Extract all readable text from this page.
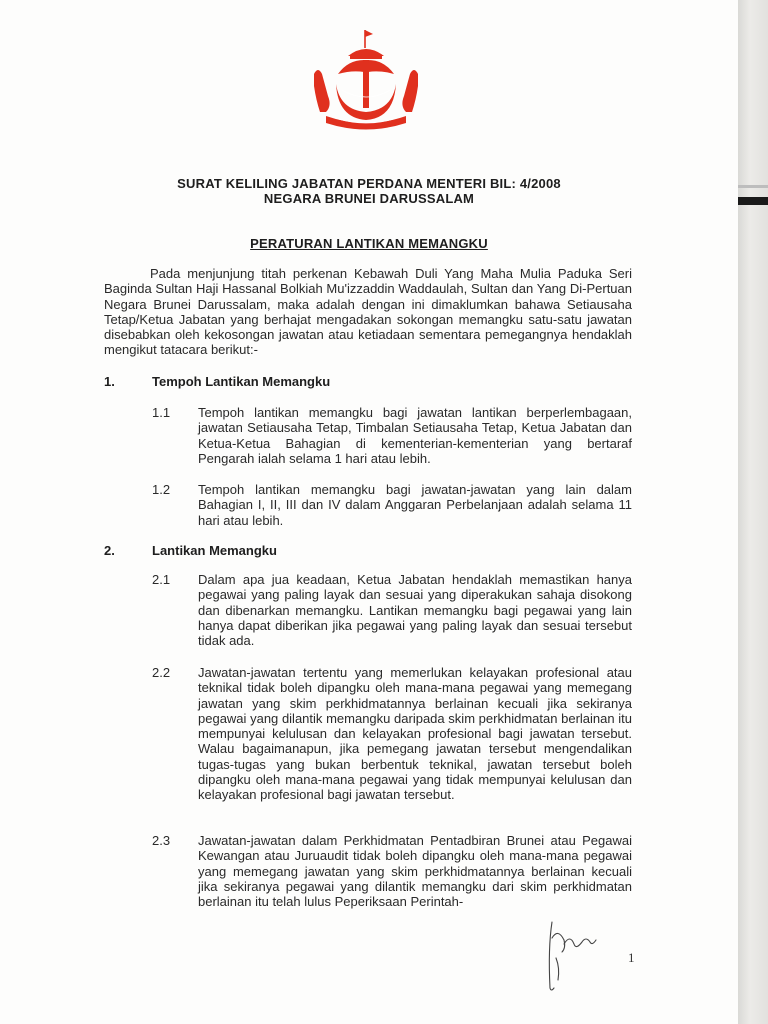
SURAT KELILING JABATAN PERDANA MENTERI BIL: 4/2008
NEGARA BRUNEI DARUSSALAM
PERATURAN LANTIKAN MEMANGKU
Pada menjunjung titah perkenan Kebawah Duli Yang Maha Mulia Paduka Seri Baginda Sultan Haji Hassanal Bolkiah Mu'izzaddin Waddaulah, Sultan dan Yang Di-Pertuan Negara Brunei Darussalam, maka adalah dengan ini dimaklumkan bahawa Setiausaha Tetap/Ketua Jabatan yang berhajat mengadakan sokongan memangku satu-satu jawatan disebabkan oleh kekosongan jawatan atau ketiadaan sementara pemegangnya hendaklah mengikut tatacara berikut:-
1.	Tempoh Lantikan Memangku
1.1 Tempoh lantikan memangku bagi jawatan lantikan berperlembagaan, jawatan Setiausaha Tetap, Timbalan Setiausaha Tetap, Ketua Jabatan dan Ketua-Ketua Bahagian di kementerian-kementerian yang bertaraf Pengarah ialah selama 1 hari atau lebih.
1.2 Tempoh lantikan memangku bagi jawatan-jawatan yang lain dalam Bahagian I, II, III dan IV dalam Anggaran Perbelanjaan adalah selama 11 hari atau lebih.
2.	Lantikan Memangku
2.1 Dalam apa jua keadaan, Ketua Jabatan hendaklah memastikan hanya pegawai yang paling layak dan sesuai yang diperakukan sahaja disokong dan dibenarkan memangku. Lantikan memangku bagi pegawai yang lain hanya dapat diberikan jika pegawai yang paling layak dan sesuai tersebut tidak ada.
2.2 Jawatan-jawatan tertentu yang memerlukan kelayakan profesional atau teknikal tidak boleh dipangku oleh mana-mana pegawai yang memegang jawatan yang skim perkhidmatannya berlainan kecuali jika sekiranya pegawai yang dilantik memangku daripada skim perkhidmatan berlainan itu mempunyai kelulusan dan kelayakan profesional bagi jawatan tersebut. Walau bagaimanapun, jika pemegang jawatan tersebut mengendalikan tugas-tugas yang bukan berbentuk teknikal, jawatan tersebut boleh dipangku oleh mana-mana pegawai yang tidak mempunyai kelulusan dan kelayakan profesional bagi jawatan tersebut.
2.3 Jawatan-jawatan dalam Perkhidmatan Pentadbiran Brunei atau Pegawai Kewangan atau Juruaudit tidak boleh dipangku oleh mana-mana pegawai yang memegang jawatan yang skim perkhidmatannya berlainan kecuali jika sekiranya pegawai yang dilantik memangku dari skim perkhidmatan berlainan itu telah lulus Peperiksaan Perintah-
1
